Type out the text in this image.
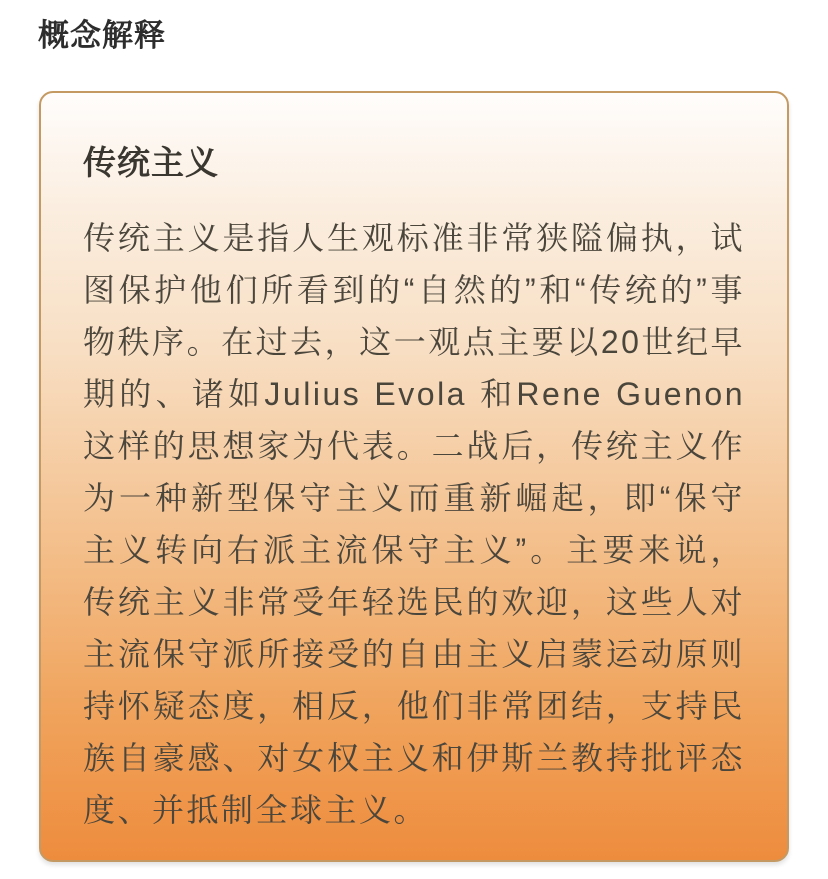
概念解释
传统主义

传统主义是指人生观标准非常狭隘偏执，试图保护他们所看到的“自然的”和“传统的”事物秩序。在过去，这一观点主要以20世纪早期的、诸如Julius Evola 和Rene Guenon这样的思想家为代表。二战后，传统主义作为一种新型保守主义而重新崛起，即“保守主义转向右派主流保守主义”。主要来说，传统主义非常受年轻选民的欢迎，这些人对主流保守派所接受的自由主义启蒙运动原则持怀疑态度，相反，他们非常团结，支持民族自豪感、对女权主义和伊斯兰教持批评态度、并抵制全球主义。
